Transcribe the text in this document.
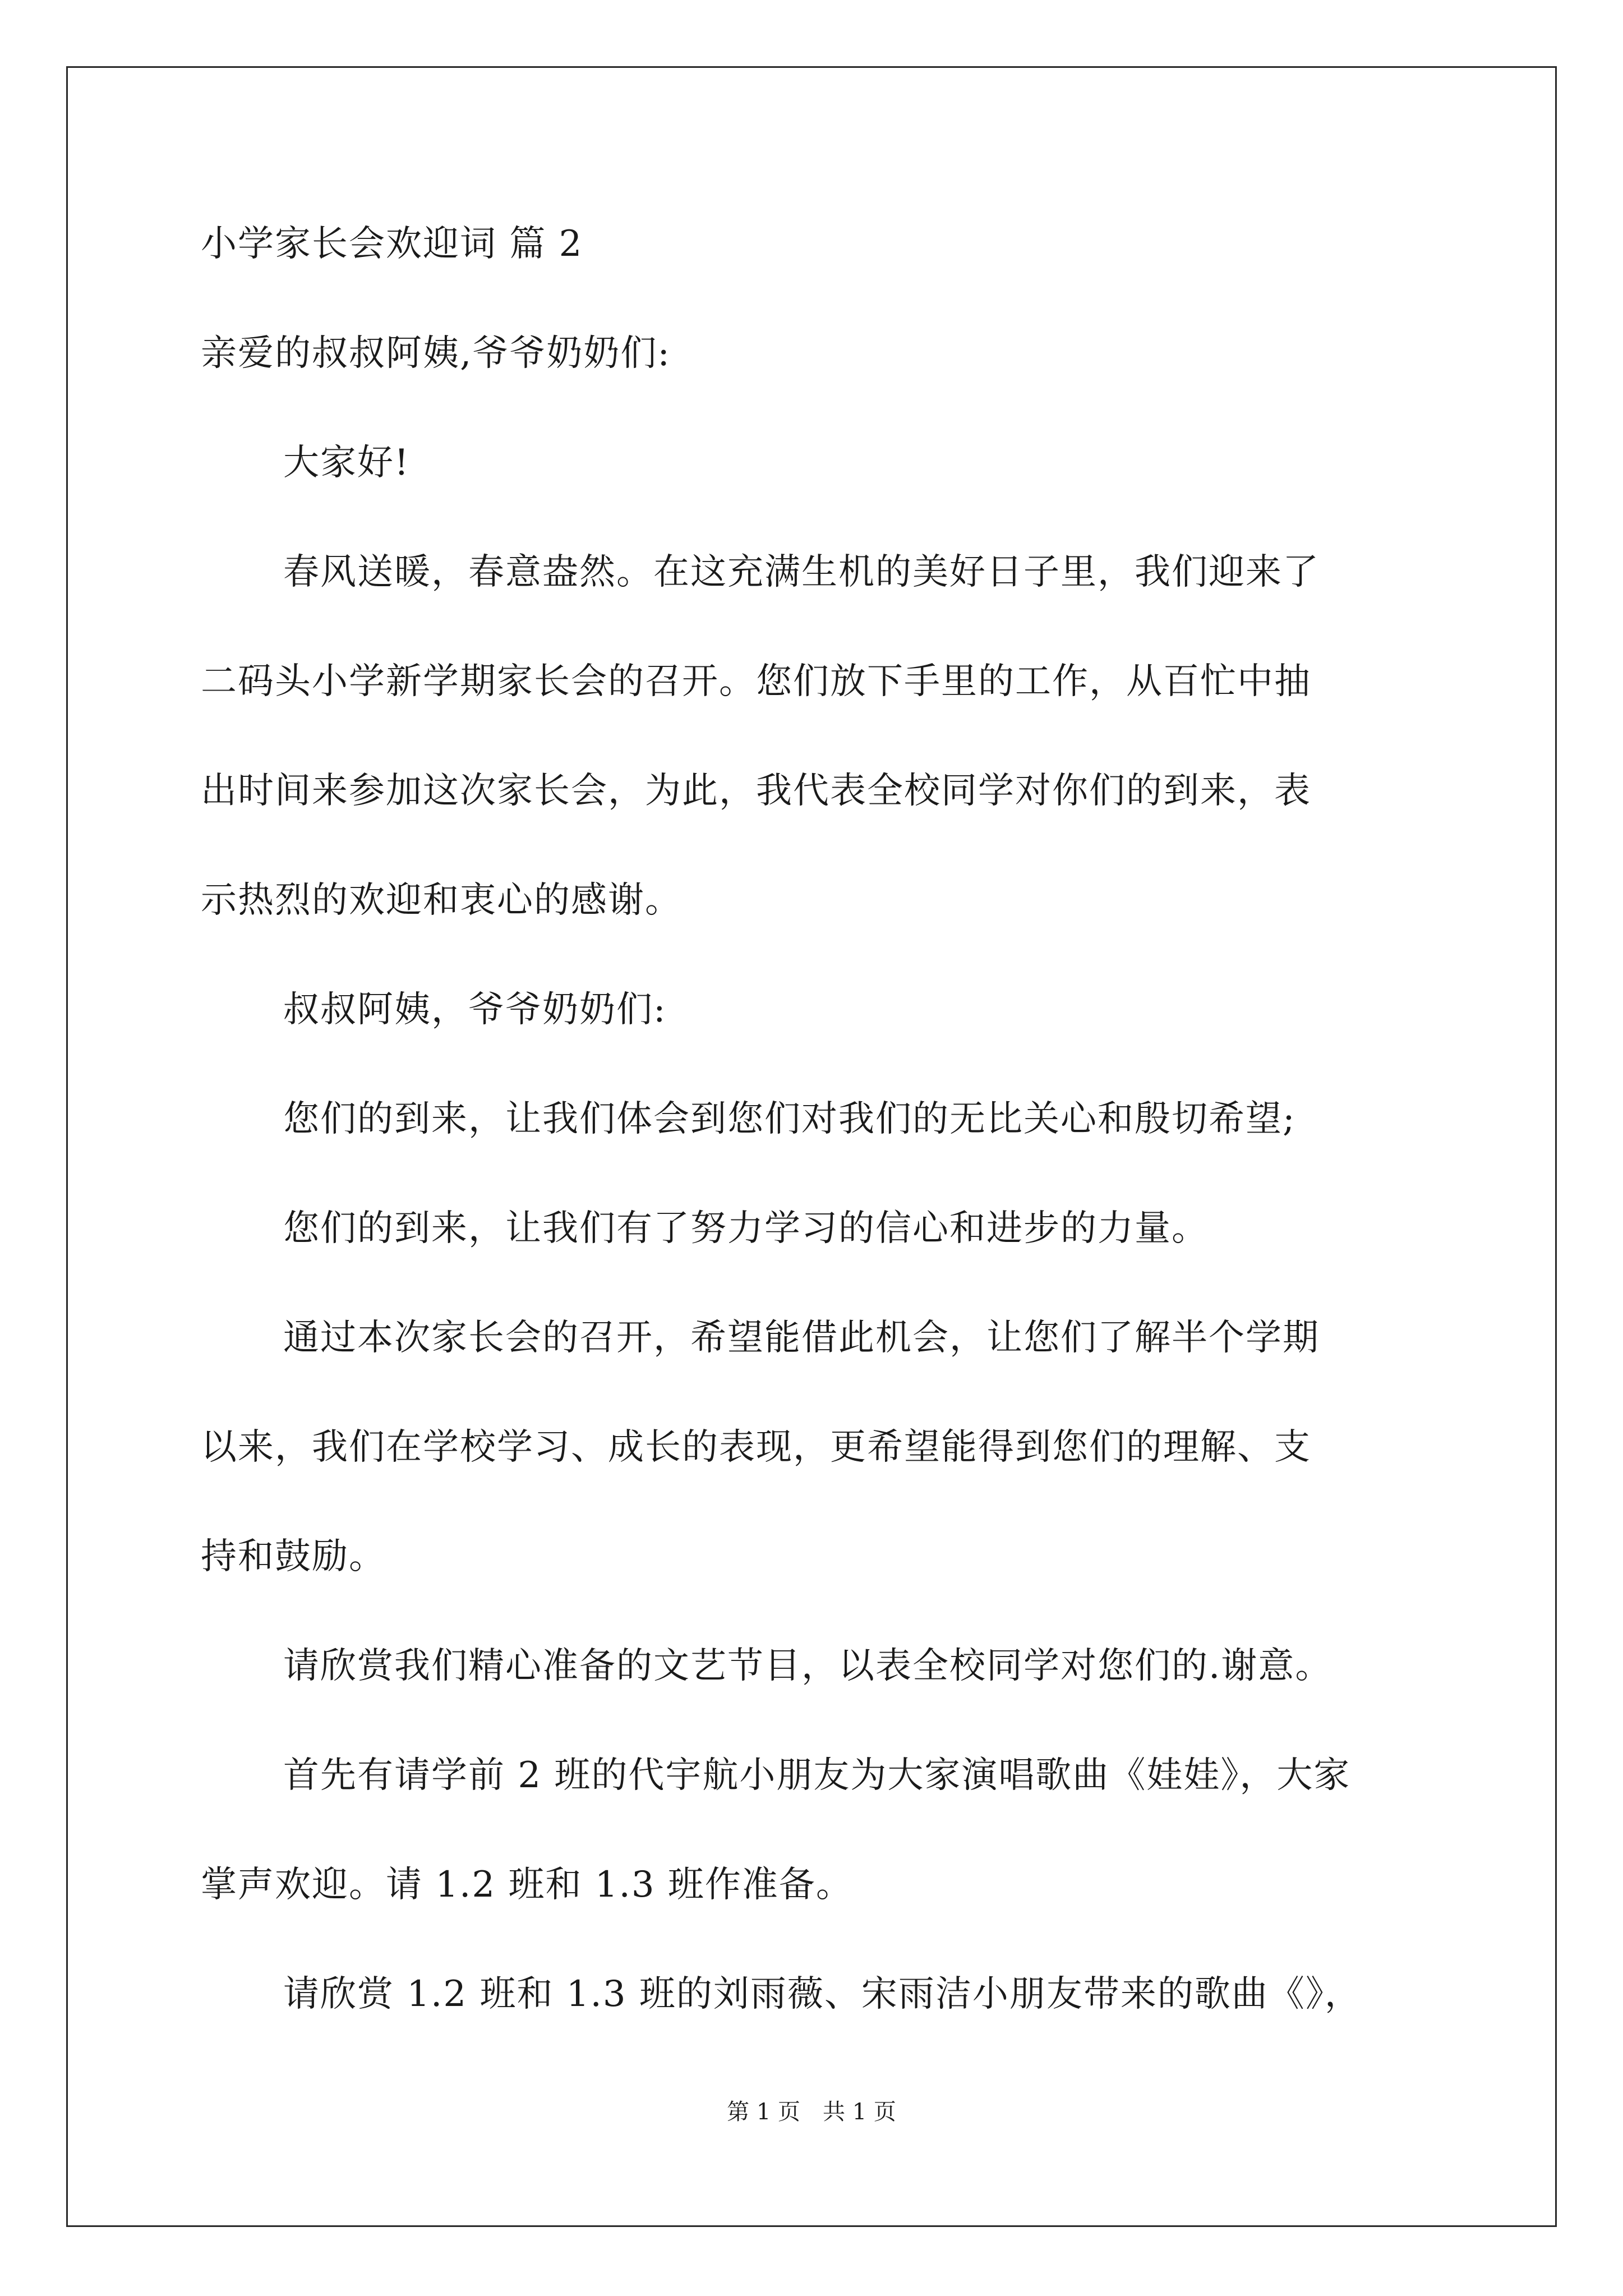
小学家长会欢迎词 篇 2
亲爱的叔叔阿姨,爷爷奶奶们:
大家好!
春风送暖，春意盎然。在这充满生机的美好日子里，我们迎来了
二码头小学新学期家长会的召开。您们放下手里的工作，从百忙中抽
出时间来参加这次家长会，为此，我代表全校同学对你们的到来，表
示热烈的欢迎和衷心的感谢。
叔叔阿姨，爷爷奶奶们:
您们的到来，让我们体会到您们对我们的无比关心和殷切希望;
您们的到来，让我们有了努力学习的信心和进步的力量。
通过本次家长会的召开，希望能借此机会，让您们了解半个学期
以来，我们在学校学习、成长的表现，更希望能得到您们的理解、支
持和鼓励。
请欣赏我们精心准备的文艺节目，以表全校同学对您们的.谢意。
首先有请学前 2 班的代宇航小朋友为大家演唱歌曲《娃娃》，大家
掌声欢迎。请 1.2 班和 1.3 班作准备。
请欣赏 1.2 班和 1.3 班的刘雨薇、宋雨洁小朋友带来的歌曲《》，
第 1 页 共 1 页
